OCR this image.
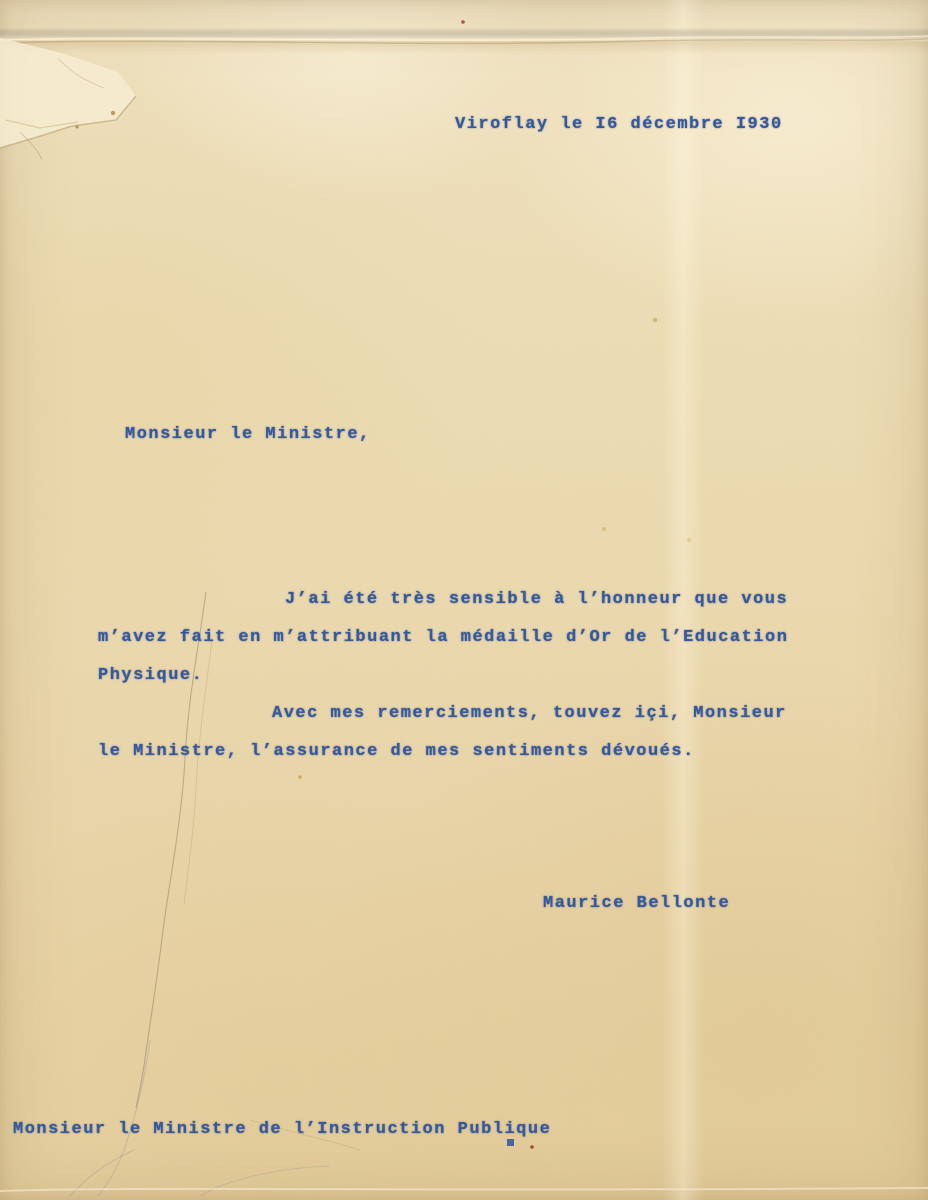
Viroflay le I6 décembre I930
Monsieur le Ministre,
J’ai été très sensible à l’honneur que vous
m’avez fait en m’attribuant la médaille d’Or de l’Education
Physique.
Avec mes remerciements, touvez içi, Monsieur
le Ministre, l’assurance de mes sentiments dévoués.
Maurice Bellonte
Monsieur le Ministre de l’Instruction Publique
